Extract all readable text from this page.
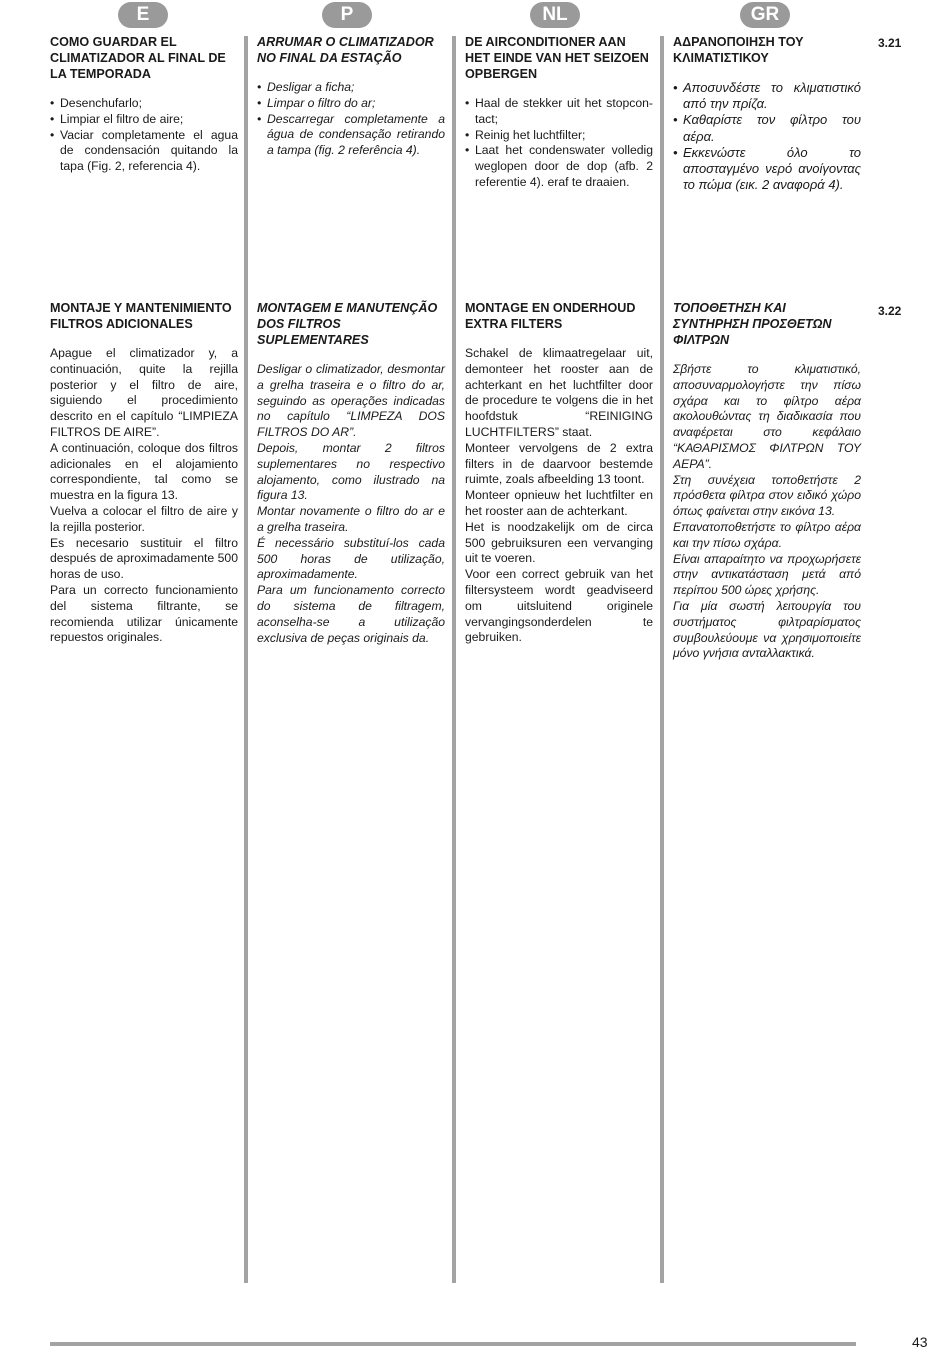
E	P	NL	GR
3.21
COMO GUARDAR EL CLIMATIZADOR AL FINAL DE LA TEMPORADA
• Desenchufarlo;
• Limpiar el filtro de aire;
• Vaciar completamente el agua de condensación quitando la tapa (Fig. 2, referencia 4).
ARRUMAR O CLIMATIZADOR NO FINAL DA ESTAÇÃO
• Desligar a ficha;
• Limpar o filtro do ar;
• Descarregar completamente a água de condensação retirando a tampa (fig. 2 referência 4).
DE AIRCONDITIONER AAN HET EINDE VAN HET SEIZOEN OPBERGEN
• Haal de stekker uit het stopcon-tact;
• Reinig het luchtfilter;
• Laat het condenswater volledig weglopen door de dop (afb. 2 referentie 4). eraf te draaien.
ΑΔΡΑΝΟΠΟΙΗΣΗ ΤΟΥ ΚΛΙΜΑΤΙΣΤΙΚΟΥ
• Αποσυνδέστε το κλιματιστικό από την πρίζα.
• Καθαρίστε τον φίλτρο του αέρα.
• Εκκενώστε όλο το αποσταγμένο νερό ανοίγοντας το πώμα (εικ. 2 αναφορά 4).
3.22
MONTAJE Y MANTENIMIENTO FILTROS ADICIONALES

Apague el climatizador y, a continuación, quite la rejilla posterior y el filtro de aire, siguiendo el procedimiento descrito en el capítulo “LIMPIEZA FILTROS DE AIRE”.

A continuación, coloque dos filtros adicionales en el alojamiento correspondiente, tal como se muestra en la figura 13.

Vuelva a colocar el filtro de aire y la rejilla posterior.

Es necesario sustituir el filtro después de aproximadamente 500 horas de uso.

Para un correcto funcionamiento del sistema filtrante, se recomienda utilizar únicamente repuestos originales.

MONTAGEM E MANUTENÇÃO DOS FILTROS SUPLEMENTARES

Desligar o climatizador, desmontar a grelha traseira e o filtro do ar, seguindo as operações indicadas no capítulo “LIMPEZA DOS FILTROS DO AR”.

Depois, montar 2 filtros suplementares no respectivo alojamento, como ilustrado na figura 13.

Montar novamente o filtro do ar e a grelha traseira.

É necessário substituí-los cada 500 horas de utilização, aproximadamente.

Para um funcionamento correcto do sistema de filtragem, aconselha-se a utilização exclusiva de peças originais da.

MONTAGE EN ONDERHOUD EXTRA FILTERS

Schakel de klimaatregelaar uit, demonteer het rooster aan de achterkant en het luchtfilter door de procedure te volgens die in het hoofdstuk “REINIGING LUCHTFILTERS” staat.

Monteer vervolgens de 2 extra filters in de daarvoor bestemde ruimte, zoals afbeelding 13 toont.

Monteer opnieuw het luchtfilter en het rooster aan de achterkant.

Het is noodzakelijk om de circa 500 gebruiksuren een vervanging uit te voeren.

Voor een correct gebruik van het filtersysteem wordt geadviseerd om uitsluitend originele vervangingsonderdelen te gebruiken.

ΤΟΠΟΘΕΤΗΣΗ ΚΑΙ ΣΥΝΤΗΡΗΣΗ ΠΡΟΣΘΕΤΩΝ ΦΙΛΤΡΩΝ

Σβήστε το κλιματιστικό, αποσυναρμολογήστε την πίσω σχάρα και το φίλτρο αέρα ακολουθώντας τη διαδικασία που αναφέρεται στο κεφάλαιο “ΚΑΘΑΡΙΣΜΟΣ ΦΙΛΤΡΩΝ ΤΟΥ ΑΕΡΑ”.

Στη συνέχεια τοποθετήστε 2 πρόσθετα φίλτρα στον ειδικό χώρο όπως φαίνεται στην εικόνα 13.

Επανατοποθετήστε το φίλτρο αέρα και την πίσω σχάρα.

Είναι απαραίτητο να προχωρήσετε στην αντικατάσταση μετά από περίπου 500 ώρες χρήσης.

Για μία σωστή λειτουργία του συστήματος φιλτραρίσματος συμβουλεύουμε να χρησιμοποιείτε μόνο γνήσια ανταλλακτικά.

43
